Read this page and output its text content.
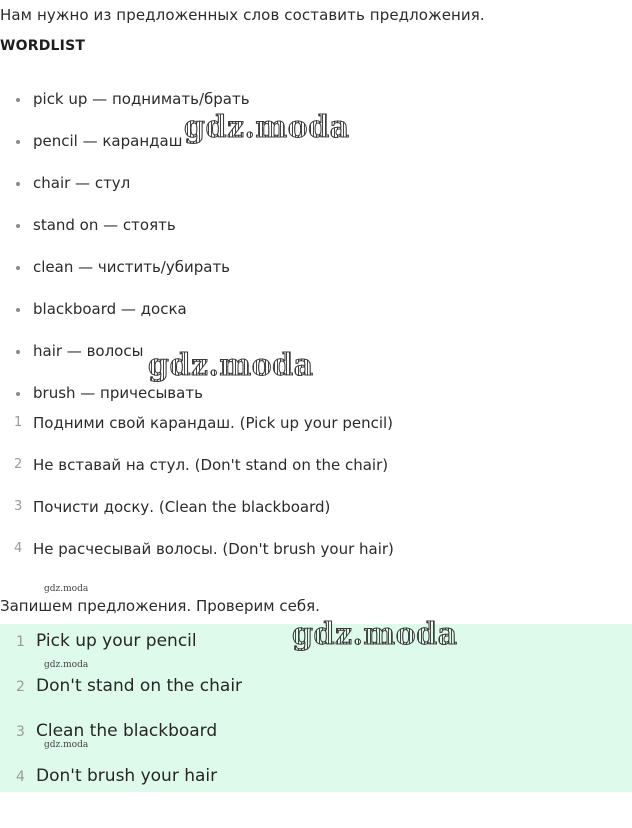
Нам нужно из предложенных слов составить предложения.
WORDLIST
pick up — поднимать/брать
pencil — карандаш
chair — стул
stand on — стоять
clean — чистить/убирать
blackboard — доска
hair — волосы
brush — причесывать
1 Подними свой карандаш. (Pick up your pencil)
2 Не вставай на стул. (Don't stand on the chair)
3 Почисти доску. (Clean the blackboard)
4 Не расчесывай волосы. (Don't brush your hair)
gdz.moda
Запишем предложения. Проверим себя.
1 Pick up your pencil
2 Don't stand on the chair
3 Clean the blackboard
4 Don't brush your hair
gdz.moda
gdz.moda
gdz.moda
gdz.moda
gdz.moda
